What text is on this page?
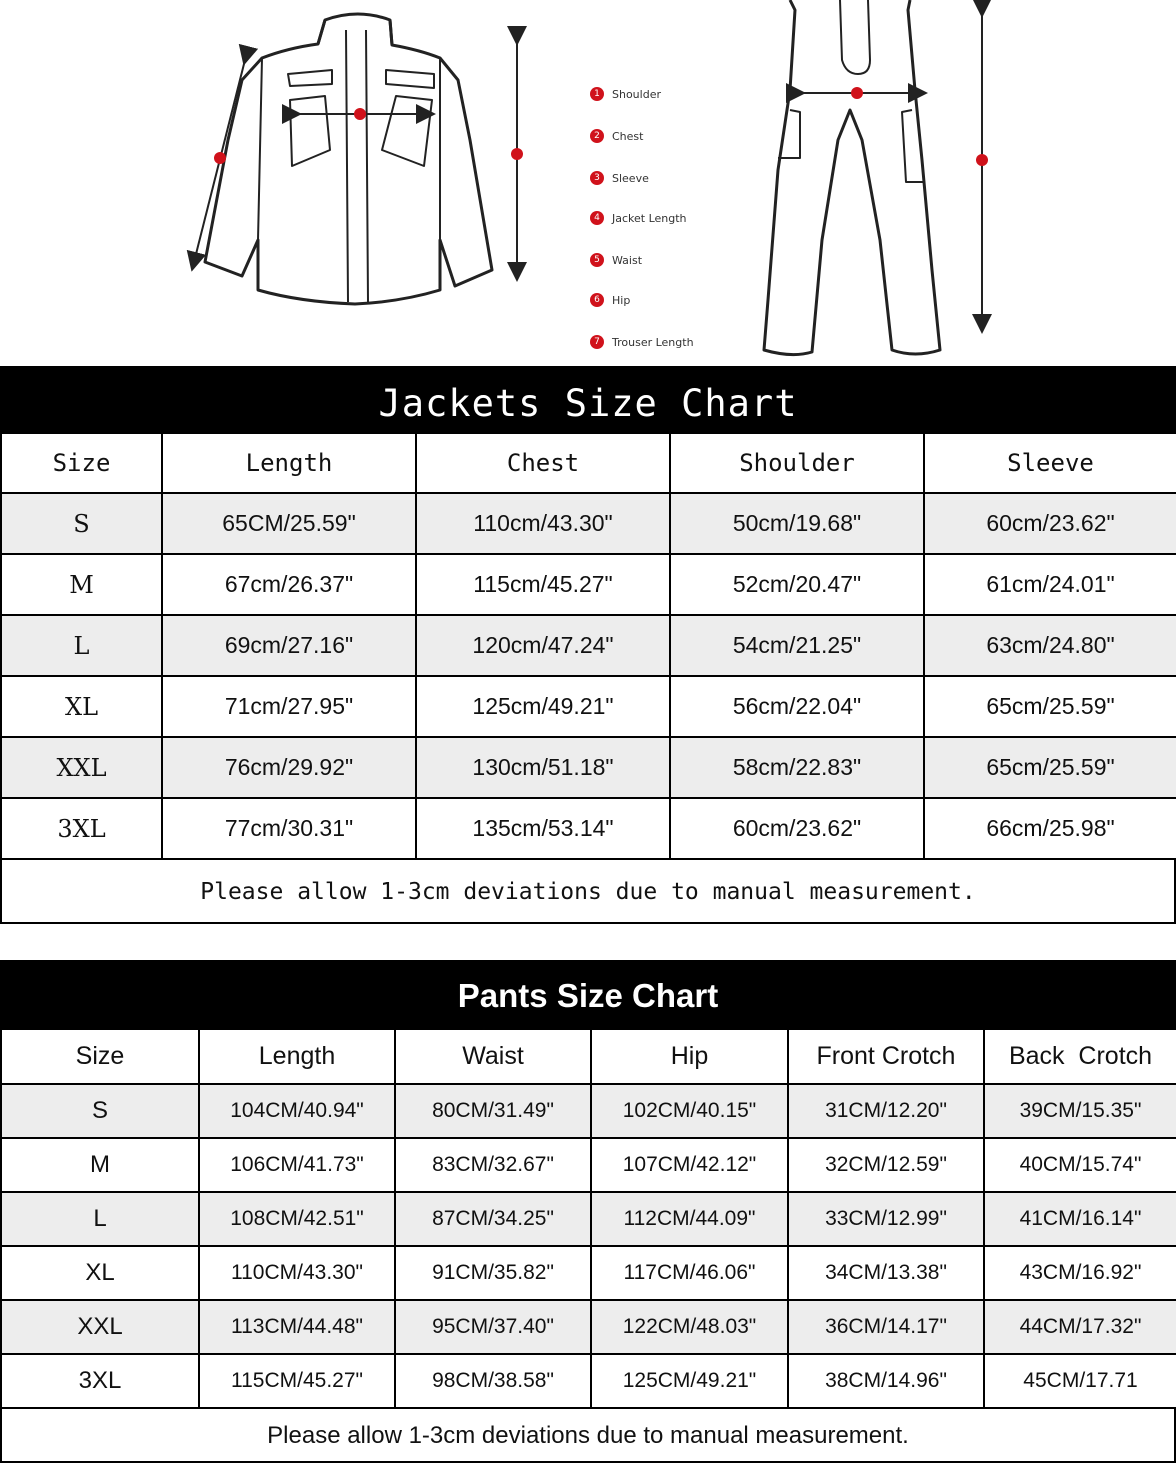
1	Shoulder
2	Chest
3	Sleeve
4	Jacket Length
5	Waist
6	Hip
7	Trouser Length
Jackets Size Chart
Size	Length	Chest	Shoulder	Sleeve
S	65CM/25.59"	110cm/43.30"	50cm/19.68"	60cm/23.62"
M	67cm/26.37"	115cm/45.27"	52cm/20.47"	61cm/24.01"
L	69cm/27.16"	120cm/47.24"	54cm/21.25"	63cm/24.80"
XL	71cm/27.95"	125cm/49.21"	56cm/22.04"	65cm/25.59"
XXL	76cm/29.92"	130cm/51.18"	58cm/22.83"	65cm/25.59"
3XL	77cm/30.31"	135cm/53.14"	60cm/23.62"	66cm/25.98"
Please allow 1-3cm deviations due to manual measurement.
Pants Size Chart
Size	Length	Waist	Hip	Front Crotch	Back  Crotch
S	104CM/40.94"	80CM/31.49"	102CM/40.15"	31CM/12.20"	39CM/15.35"
M	106CM/41.73"	83CM/32.67"	107CM/42.12"	32CM/12.59"	40CM/15.74"
L	108CM/42.51"	87CM/34.25"	112CM/44.09"	33CM/12.99"	41CM/16.14"
XL	110CM/43.30"	91CM/35.82"	117CM/46.06"	34CM/13.38"	43CM/16.92"
XXL	113CM/44.48"	95CM/37.40"	122CM/48.03"	36CM/14.17"	44CM/17.32"
3XL	115CM/45.27"	98CM/38.58"	125CM/49.21"	38CM/14.96"	45CM/17.71
Please allow 1-3cm deviations due to manual measurement.
